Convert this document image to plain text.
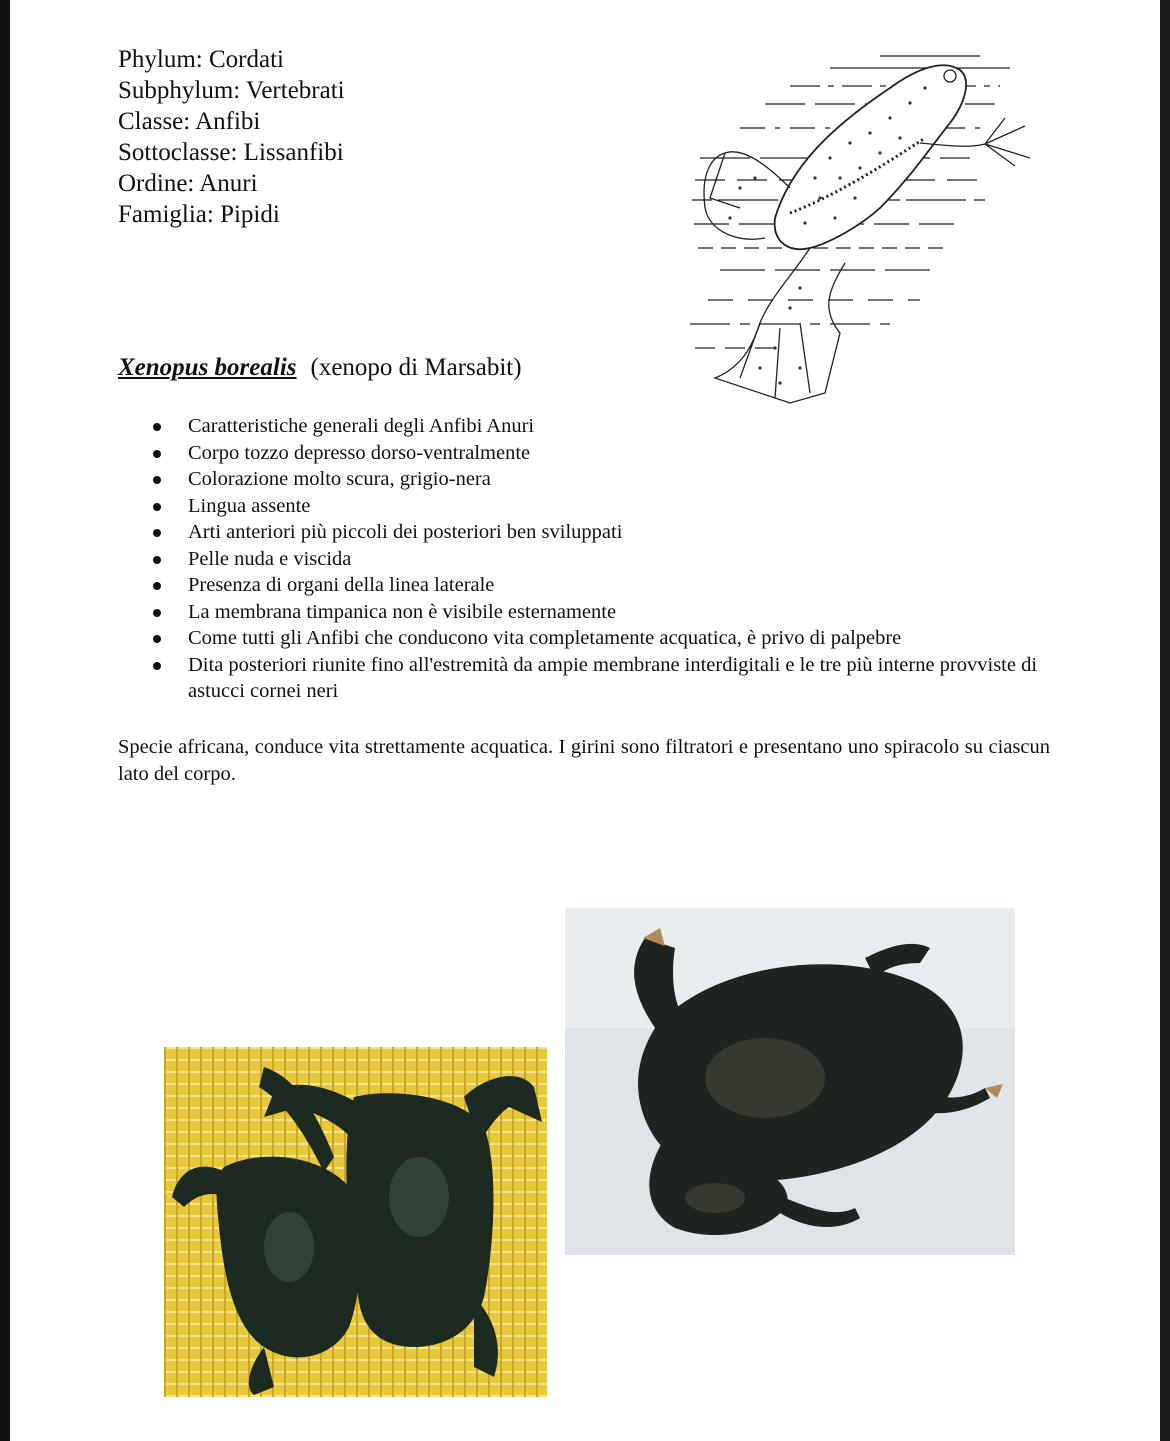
Phylum: Cordati
Subphylum: Vertebrati
Classe: Anfibi
Sottoclasse: Lissanfibi
Ordine: Anuri
Famiglia: Pipidi
Xenopus borealis (xenopo di Marsabit)
Caratteristiche generali degli Anfibi Anuri
Corpo tozzo depresso dorso-ventralmente
Colorazione molto scura, grigio-nera
Lingua assente
Arti anteriori più piccoli dei posteriori ben sviluppati
Pelle nuda e viscida
Presenza di organi della linea laterale
La membrana timpanica non è visibile esternamente
Come tutti gli Anfibi che conducono vita completamente acquatica, è privo di palpebre
Dita posteriori riunite fino all'estremità da ampie membrane interdigitali e le tre più interne provviste di astucci cornei neri
Specie africana, conduce vita strettamente acquatica. I girini sono filtratori e presentano uno spiracolo su ciascun lato del corpo.
